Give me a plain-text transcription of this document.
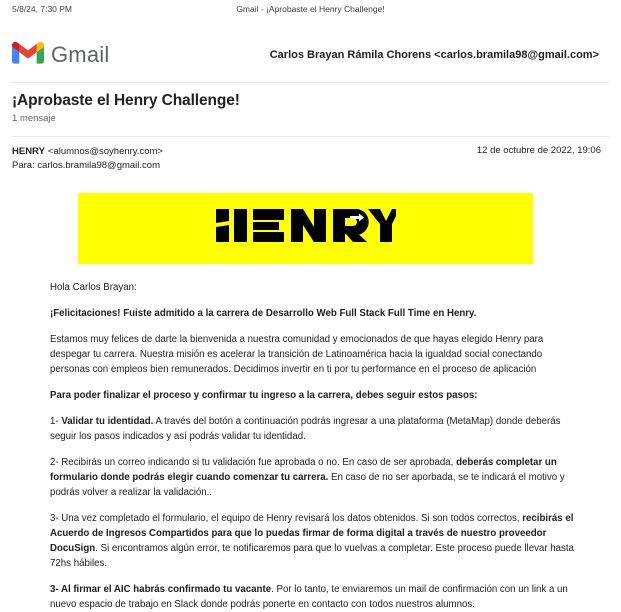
5/8/24, 7:30 PM	Gmail - ¡Aprobaste el Henry Challenge!
Gmail	Carlos Brayan Rámila Chorens <carlos.bramila98@gmail.com>
¡Aprobaste el Henry Challenge!
1 mensaje
HENRY <alumnos@soyhenry.com>
Para: carlos.bramila98@gmail.com
12 de octubre de 2022, 19:06

Hola Carlos Brayan:

¡Felicitaciones! Fuiste admitido a la carrera de Desarrollo Web Full Stack Full Time en Henry.

Estamos muy felices de darte la bienvenida a nuestra comunidad y emocionados de que hayas elegido Henry para despegar tu carrera. Nuestra misión es acelerar la transición de Latinoamérica hacia la igualdad social conectando personas con empleos bien remunerados. Decidimos invertir en ti por tu performance en el proceso de aplicación

Para poder finalizar el proceso y confirmar tu ingreso a la carrera, debes seguir estos pasos:

1- Validar tu identidad. A través del botón a continuación podrás ingresar a una plataforma (MetaMap) donde deberás seguir los pasos indicados y así podrás validar tu identidad.

2- Recibirás un correo indicando si tu validación fue aprobada o no. En caso de ser aprobada, deberás completar un formulario donde podrás elegir cuando comenzar tu carrera. En caso de no ser aporbada, se te indicará el motivo y podrás volver a realizar la validación..

3- Una vez completado el formulario, el equipo de Henry revisará los datos obtenidos. Si son todos correctos, recibirás el Acuerdo de Ingresos Compartidos para que lo puedas firmar de forma digital a través de nuestro proveedor DocuSign. Si encontramos algún error, te notificaremos para que lo vuelvas a completar. Este proceso puede llevar hasta 72hs hábiles.

3- Al firmar el AIC habrás confirmado tu vacante. Por lo tanto, te enviaremos un mail de confirmación con un link a un nuevo espacio de trabajo en Slack donde podrás ponerte en contacto con todos nuestros alumnos.
